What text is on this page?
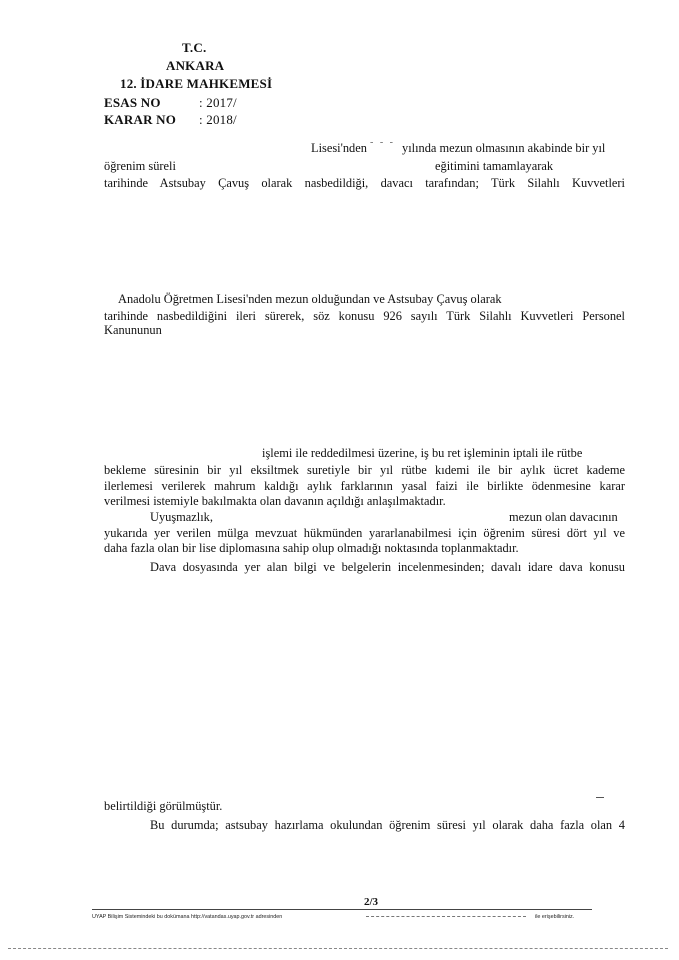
T.C.
ANKARA
12. İDARE MAHKEMESİ
ESAS NO	: 2017/
KARAR NO : 2018/
Lisesi'nden - - - yılında mezun olmasının akabinde bir yıl
öğrenim süreli	eğitimini tamamlayarak
tarihinde Astsubay Çavuş olarak nasbedildiği, davacı tarafından; Türk Silahlı Kuvvetleri
Anadolu Öğretmen Lisesi'nden mezun olduğundan ve Astsubay Çavuş olarak
tarihinde nasbedildiğini ileri sürerek, söz konusu 926 sayılı Türk Silahlı Kuvvetleri Personel
Kanununun
işlemi ile reddedilmesi üzerine, iş bu ret işleminin iptali ile rütbe
bekleme süresinin bir yıl eksiltmek suretiyle bir yıl rütbe kıdemi ile bir aylık ücret kademe
ilerlemesi verilerek mahrum kaldığı aylık farklarının yasal faizi ile birlikte ödenmesine karar
verilmesi istemiyle bakılmakta olan davanın açıldığı anlaşılmaktadır.
Uyuşmazlık,	mezun olan davacının
yukarıda yer verilen mülga mevzuat hükmünden yararlanabilmesi için öğrenim süresi dört yıl ve
daha fazla olan bir lise diplomasına sahip olup olmadığı noktasında toplanmaktadır.
Dava dosyasında yer alan bilgi ve belgelerin incelenmesinden; davalı idare dava konusu
belirtildiği görülmüştür.
Bu durumda; astsubay hazırlama okulundan öğrenim süresi yıl olarak daha fazla olan 4
2/3
UYAP Bilişim Sistemindeki bu dokümana http://vatandas.uyap.gov.tr adresinden	ile erişebilirsiniz.
